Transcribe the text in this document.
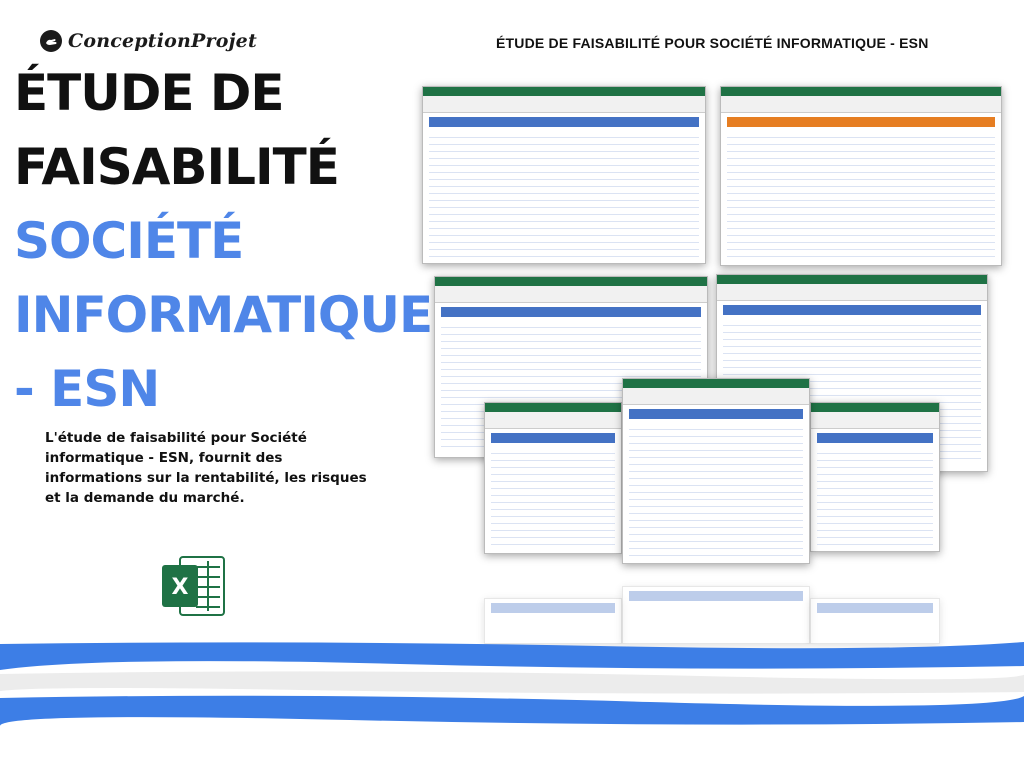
ConceptionProjet	ÉTUDE DE FAISABILITÉ POUR SOCIÉTÉ INFORMATIQUE - ESN
ÉTUDE DE
FAISABILITÉ
SOCIÉTÉ
INFORMATIQUE
- ESN
L'étude de faisabilité pour Société informatique - ESN, fournit des informations sur la rentabilité, les risques et la demande du marché.
X
